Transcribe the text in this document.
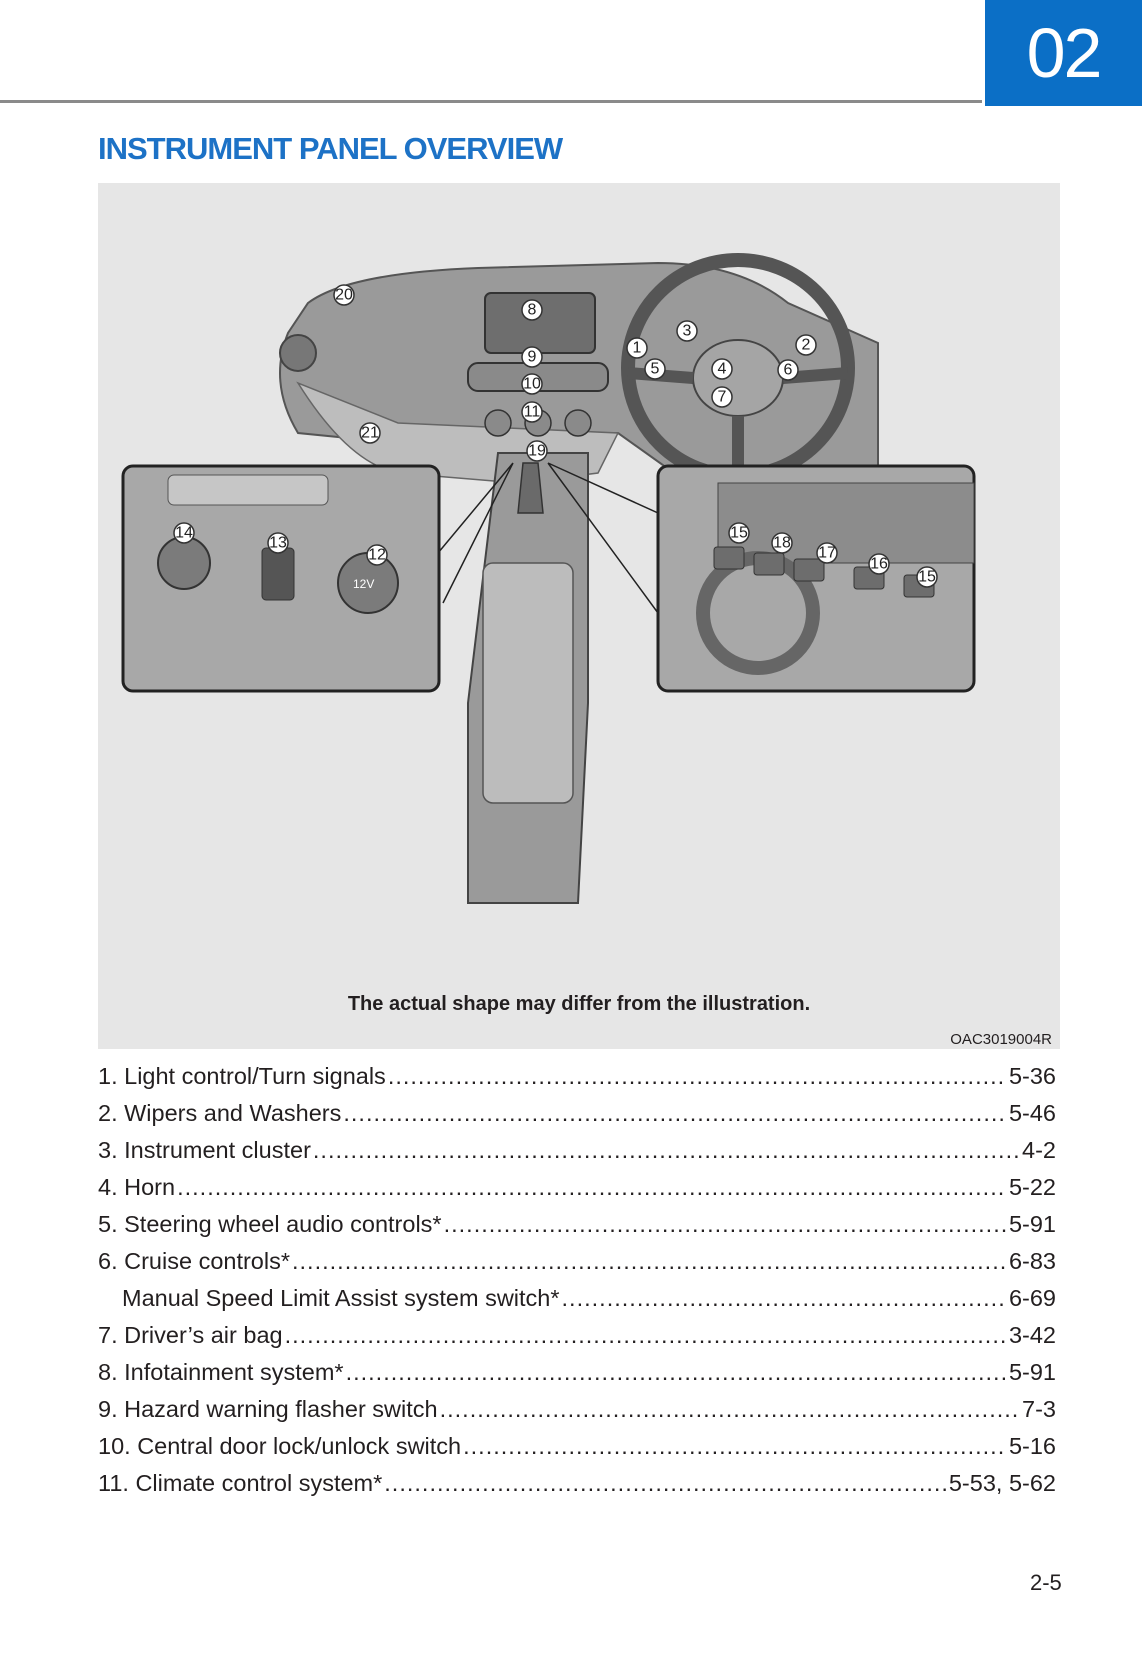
02
INSTRUMENT PANEL OVERVIEW
12V
1	2
3
4
5	6
7
8
9
10
11
12
13
14	15
15
16
17
18
19
20
21
The actual shape may differ from the illustration.
OAC3019004R
1. Light control/Turn signals .....	5-36
2. Wipers and Washers .....	5-46
3. Instrument cluster .....	4-2
4. Horn .....	5-22
5. Steering wheel audio controls* .....	5-91
6. Cruise controls* .....	6-83
Manual Speed Limit Assist system switch* .....	6-69
7. Driver’s air bag .....	3-42
8. Infotainment system* .....	5-91
9. Hazard warning flasher switch .....	7-3
10. Central door lock/unlock switch .....	5-16
11. Climate control system* .....	5-53, 5-62
2-5
